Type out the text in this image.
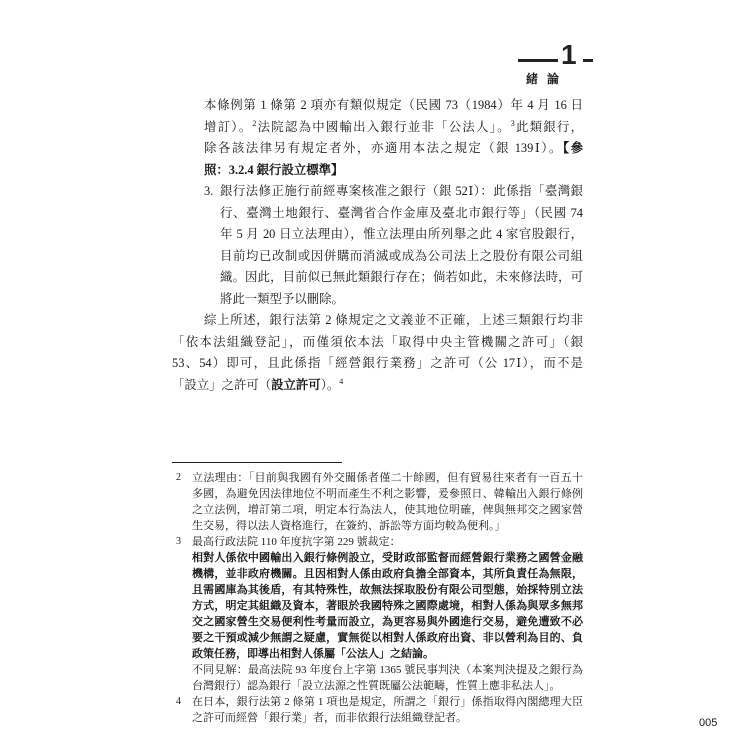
1
緒 論
本條例第 1 條第 2 項亦有類似規定（民國 73（1984）年 4 月 16 日
增訂）。$^2$法院認為中國輸出入銀行並非「公法人」。$^3$此類銀行，
除各該法律另有規定者外，亦適用本法之規定（銀 139Ⅰ）。【參
照：3.2.4 銀行設立標準】
3. 銀行法修正施行前經專案核准之銀行（銀 52Ⅰ）：此係指「臺灣銀
行、臺灣土地銀行、臺灣省合作金庫及臺北市銀行等」（民國 74
年 5 月 20 日立法理由），惟立法理由所列舉之此 4 家官股銀行，
目前均已改制或因併購而消滅或成為公司法上之股份有限公司組
織。因此，目前似已無此類銀行存在；倘若如此，未來修法時，可
將此一類型予以刪除。
綜上所述，銀行法第 2 條規定之文義並不正確，上述三類銀行均非
「依本法組織登記」，而僅須依本法「取得中央主管機關之許可」（銀
53、54）即可，且此係指「經營銀行業務」之許可（公 17Ⅰ），而不是
「設立」之許可（設立許可）。$^4$
2 立法理由：「目前與我國有外交關係者僅二十餘國，但有貿易往來者有一百五十
多國，為避免因法律地位不明而產生不利之影響，爰參照日、韓輸出入銀行條例
之立法例，增訂第二項，明定本行為法人，使其地位明確，俾與無邦交之國家營
生交易，得以法人資格進行，在簽約、訴訟等方面均較為便利。」
3 最高行政法院 110 年度抗字第 229 號裁定：
相對人係依中國輸出入銀行條例設立，受財政部監督而經營銀行業務之國營金融
機構，並非政府機關。且因相對人係由政府負擔全部資本，其所負責任為無限，
且需國庫為其後盾，有其特殊性，故無法採取股份有限公司型態，始採特別立法
方式，明定其組織及資本，著眼於我國特殊之國際處境，相對人係為與眾多無邦
交之國家營生交易便利性考量而設立，為更容易與外國進行交易，避免遭致不必
要之干預或減少無謂之疑慮，實無從以相對人係政府出資、非以營利為目的、負
政策任務，即導出相對人係屬「公法人」之結論。
不同見解：最高法院 93 年度台上字第 1365 號民事判決（本案判決提及之銀行為
台灣銀行）認為銀行「設立法源之性質既屬公法範疇，性質上應非私法人」。
4 在日本，銀行法第 2 條第 1 項也是規定，所謂之「銀行」係指取得內閣總理大臣
之許可而經營「銀行業」者，而非依銀行法組織登記者。	005
